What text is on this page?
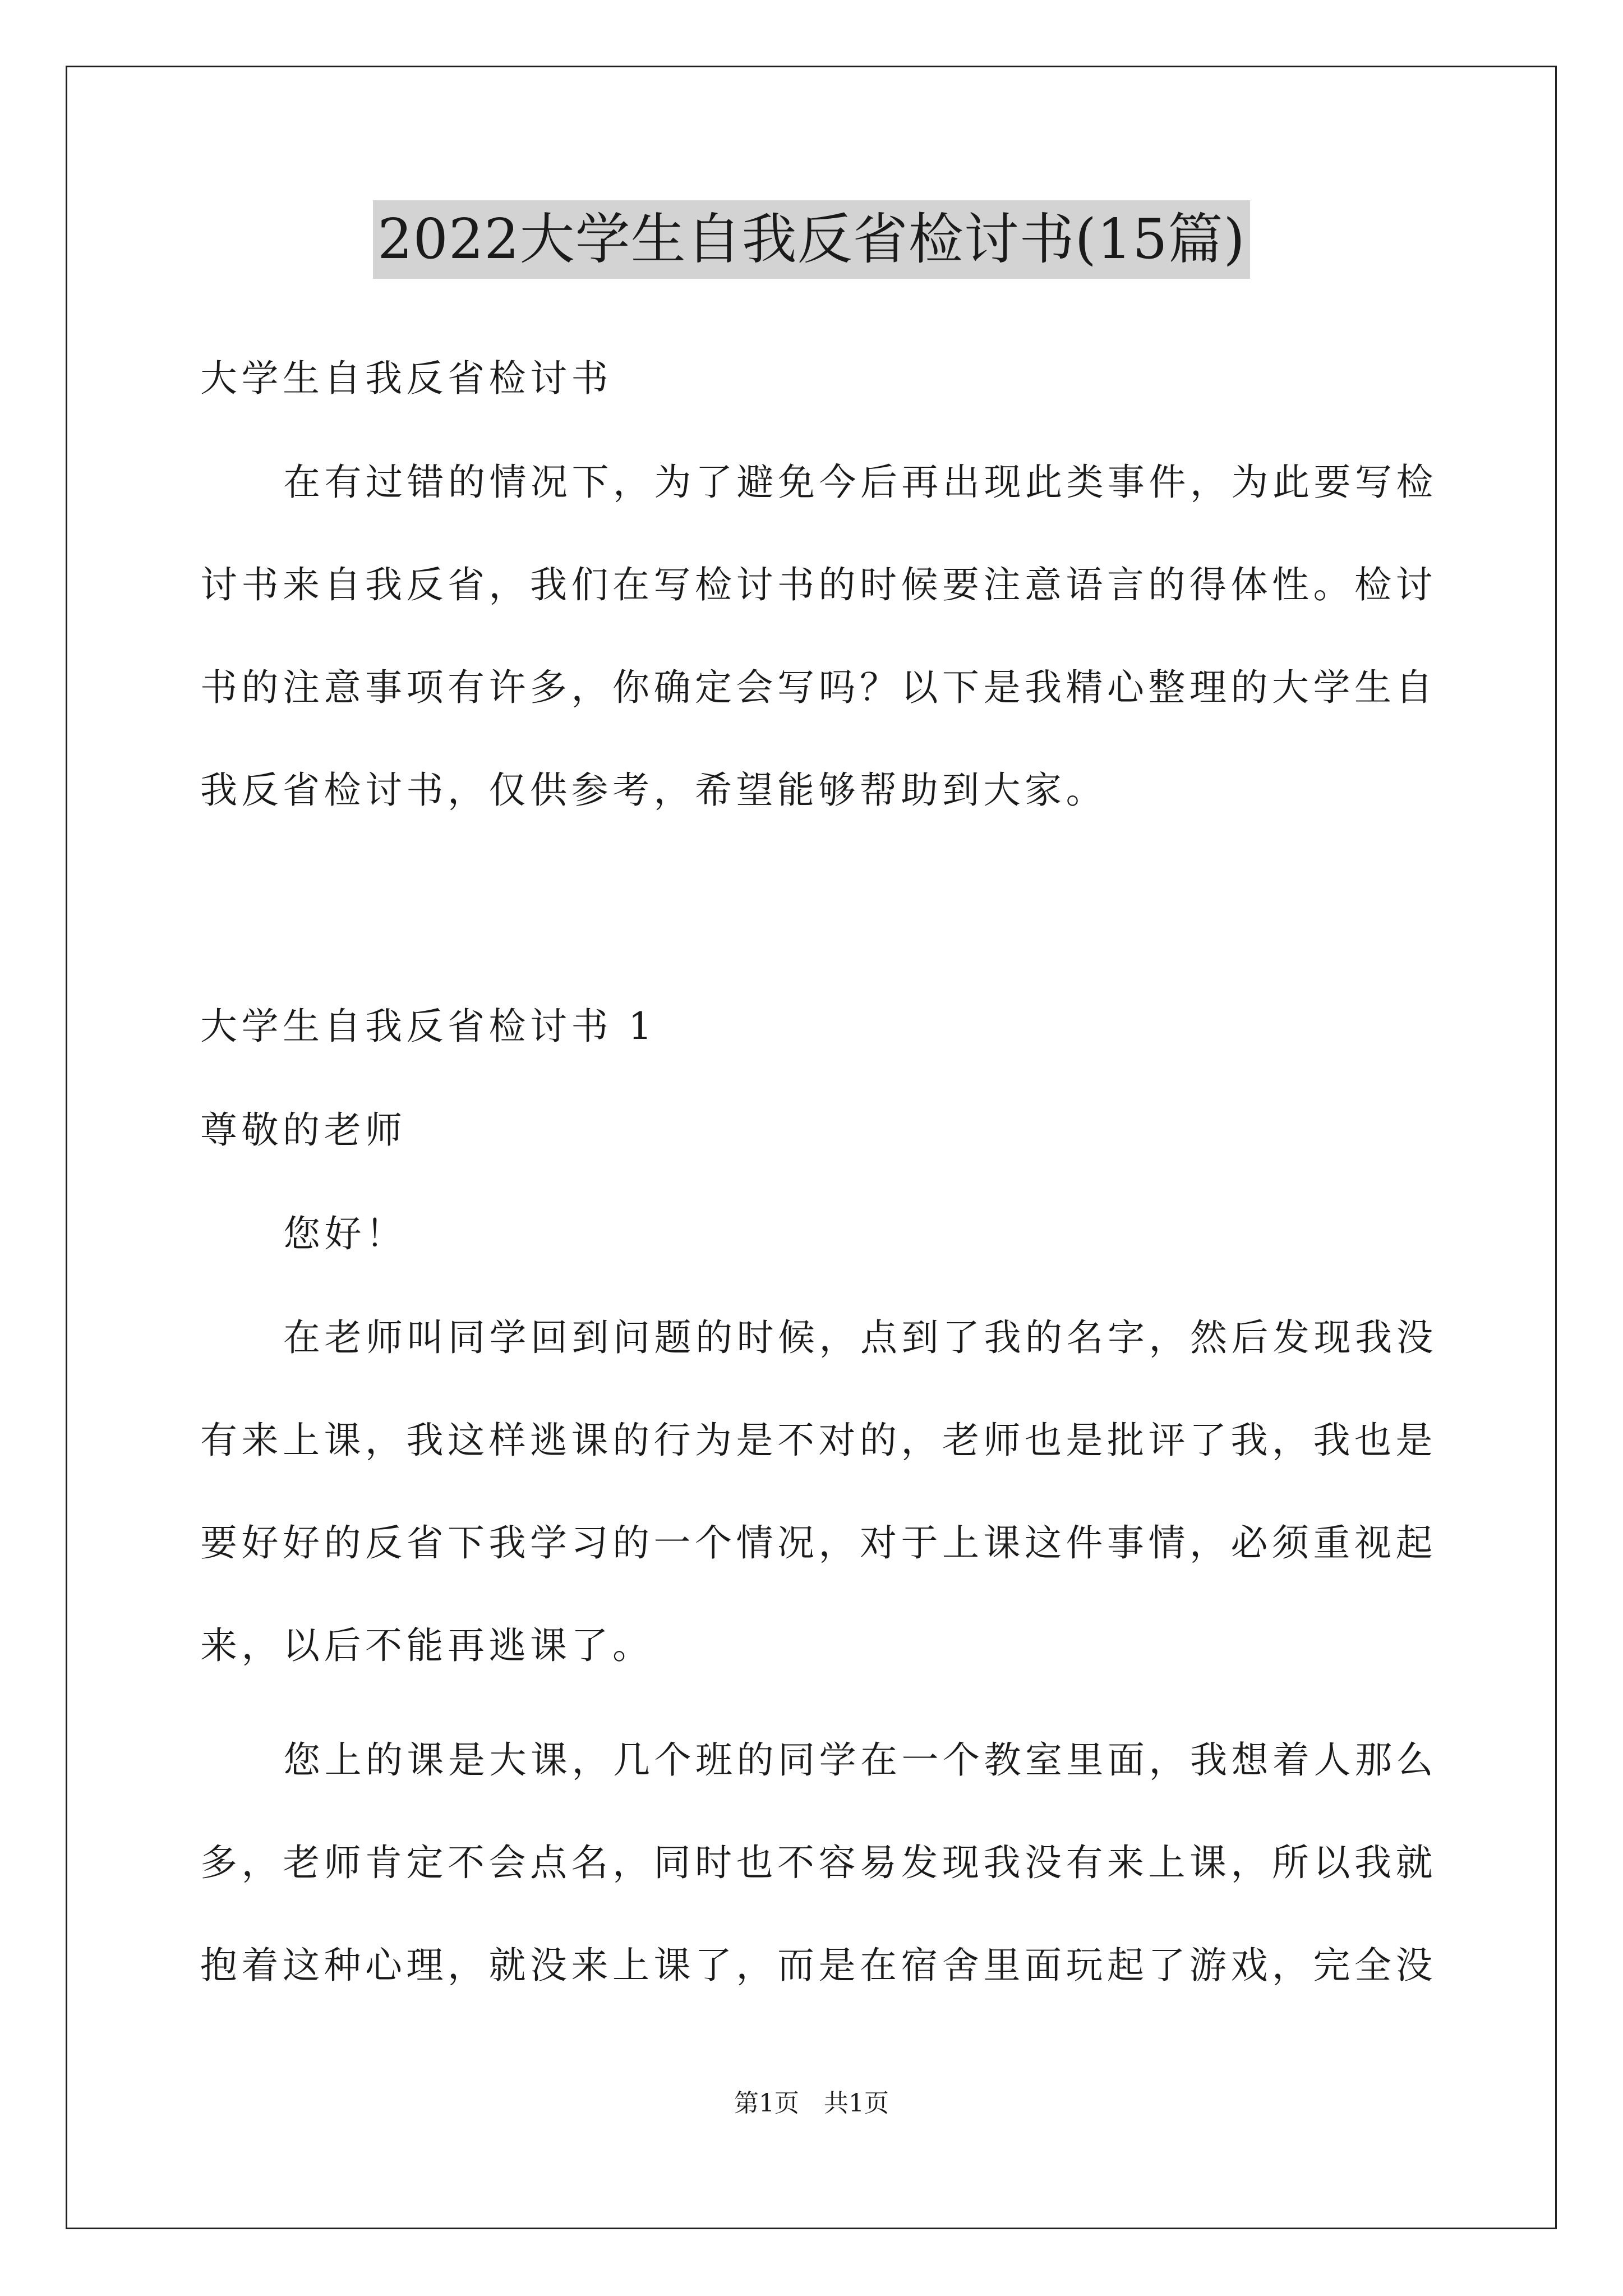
2022大学生自我反省检讨书(15篇)
大学生自我反省检讨书
在有过错的情况下，为了避免今后再出现此类事件，为此要写检
讨书来自我反省，我们在写检讨书的时候要注意语言的得体性。检讨
书的注意事项有许多，你确定会写吗？以下是我精心整理的大学生自
我反省检讨书，仅供参考，希望能够帮助到大家。
大学生自我反省检讨书 1
尊敬的老师
您好！
在老师叫同学回到问题的时候，点到了我的名字，然后发现我没
有来上课，我这样逃课的行为是不对的，老师也是批评了我，我也是
要好好的反省下我学习的一个情况，对于上课这件事情，必须重视起
来，以后不能再逃课了。
您上的课是大课，几个班的同学在一个教室里面，我想着人那么
多，老师肯定不会点名，同时也不容易发现我没有来上课，所以我就
抱着这种心理，就没来上课了，而是在宿舍里面玩起了游戏，完全没
第1页　共1页
